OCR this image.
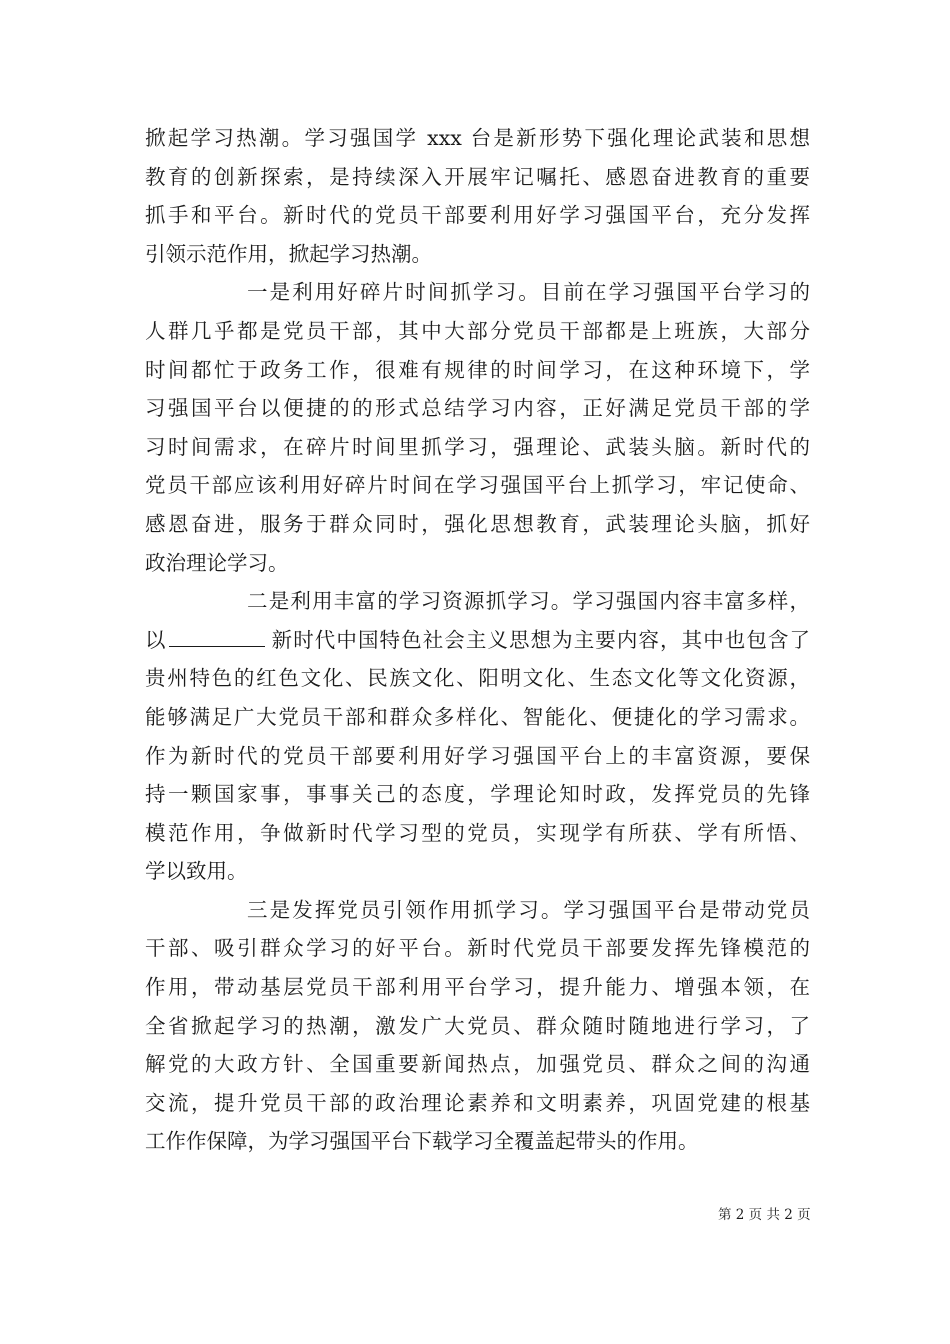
掀起学习热潮。学习强国学 xxx 台是新形势下强化理论武装和思想
教育的创新探索，是持续深入开展牢记嘱托、感恩奋进教育的重要
抓手和平台。新时代的党员干部要利用好学习强国平台，充分发挥
引领示范作用，掀起学习热潮。
一是利用好碎片时间抓学习。目前在学习强国平台学习的
人群几乎都是党员干部，其中大部分党员干部都是上班族，大部分
时间都忙于政务工作，很难有规律的时间学习，在这种环境下，学
习强国平台以便捷的的形式总结学习内容，正好满足党员干部的学
习时间需求，在碎片时间里抓学习，强理论、武装头脑。新时代的
党员干部应该利用好碎片时间在学习强国平台上抓学习，牢记使命、
感恩奋进，服务于群众同时，强化思想教育，武装理论头脑，抓好
政治理论学习。
二是利用丰富的学习资源抓学习。学习强国内容丰富多样，
以	新时代中国特色社会主义思想为主要内容，其中也包含了
贵州特色的红色文化、民族文化、阳明文化、生态文化等文化资源，
能够满足广大党员干部和群众多样化、智能化、便捷化的学习需求。
作为新时代的党员干部要利用好学习强国平台上的丰富资源，要保
持一颗国家事，事事关己的态度，学理论知时政，发挥党员的先锋
模范作用，争做新时代学习型的党员，实现学有所获、学有所悟、
学以致用。
三是发挥党员引领作用抓学习。学习强国平台是带动党员
干部、吸引群众学习的好平台。新时代党员干部要发挥先锋模范的
作用，带动基层党员干部利用平台学习，提升能力、增强本领，在
全省掀起学习的热潮，激发广大党员、群众随时随地进行学习，了
解党的大政方针、全国重要新闻热点，加强党员、群众之间的沟通
交流，提升党员干部的政治理论素养和文明素养，巩固党建的根基
工作作保障，为学习强国平台下载学习全覆盖起带头的作用。
第 2 页 共 2 页
